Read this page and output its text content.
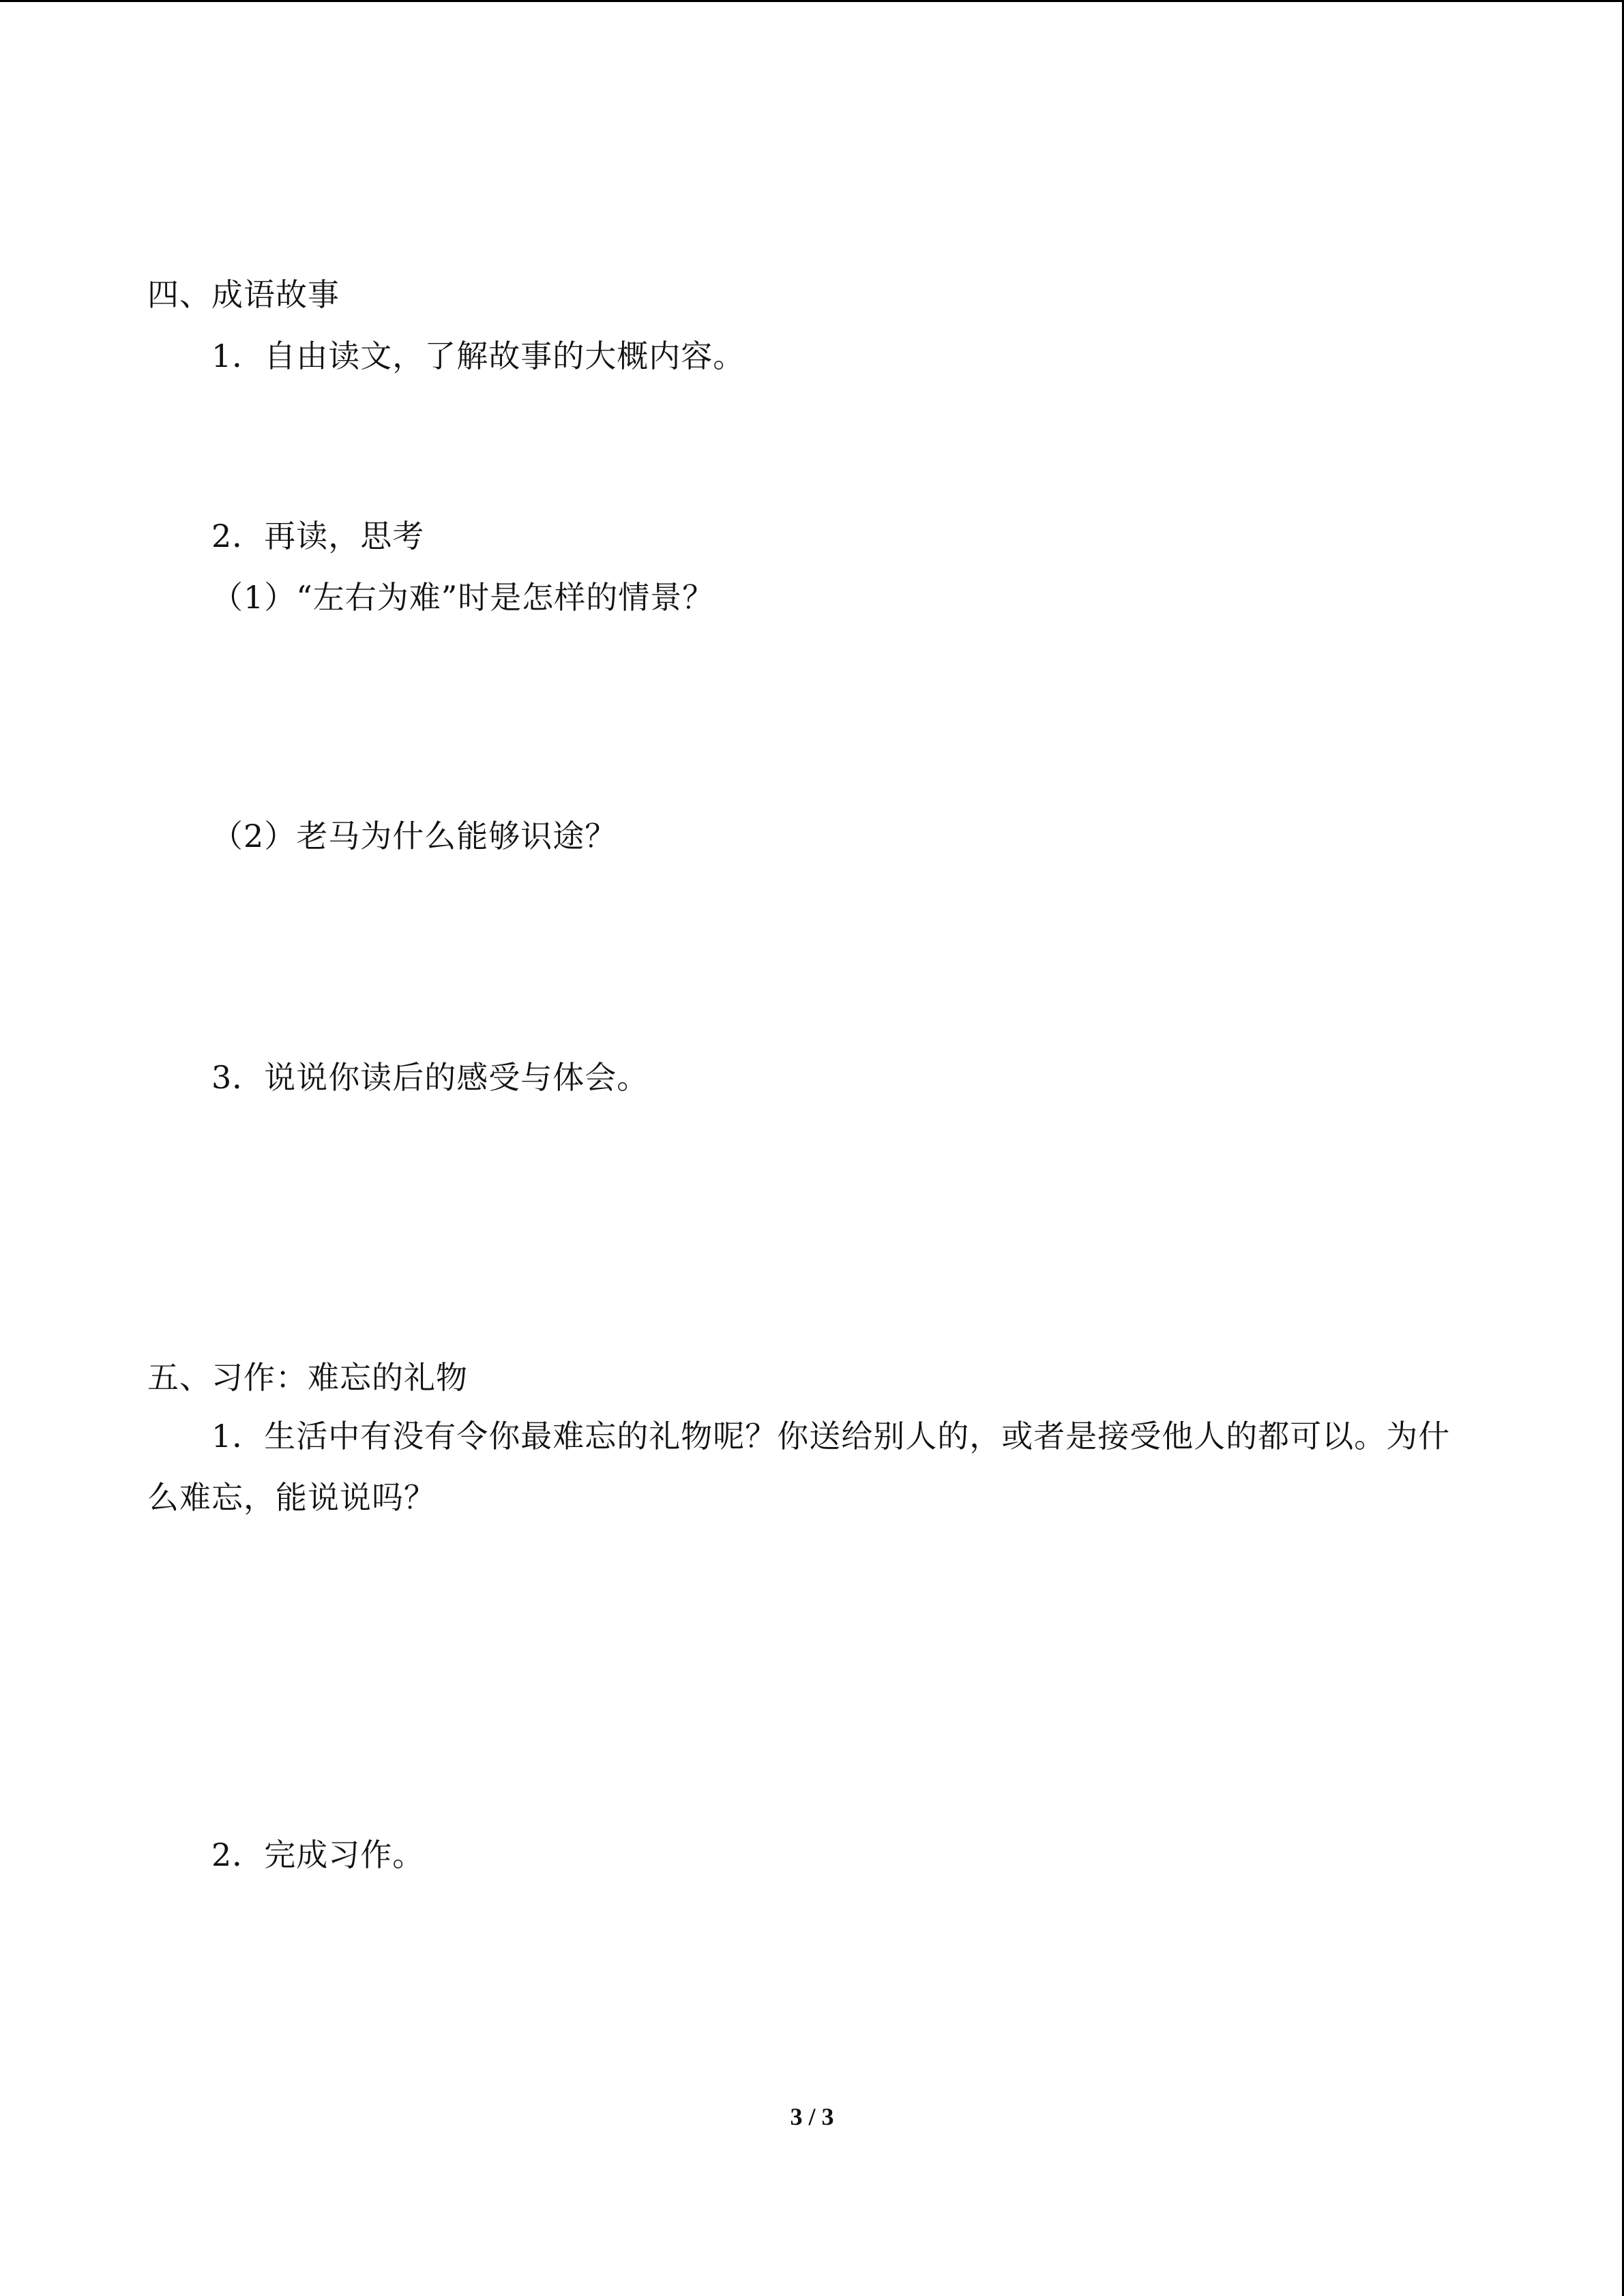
四、成语故事
1．自由读文，了解故事的大概内容。
2．再读，思考
（1）“左右为难”时是怎样的情景？
（2）老马为什么能够识途？
3．说说你读后的感受与体会。
五、习作：难忘的礼物
1．生活中有没有令你最难忘的礼物呢？你送给别人的，或者是接受他人的都可以。为什
么难忘，能说说吗？
2．完成习作。
3 / 3
